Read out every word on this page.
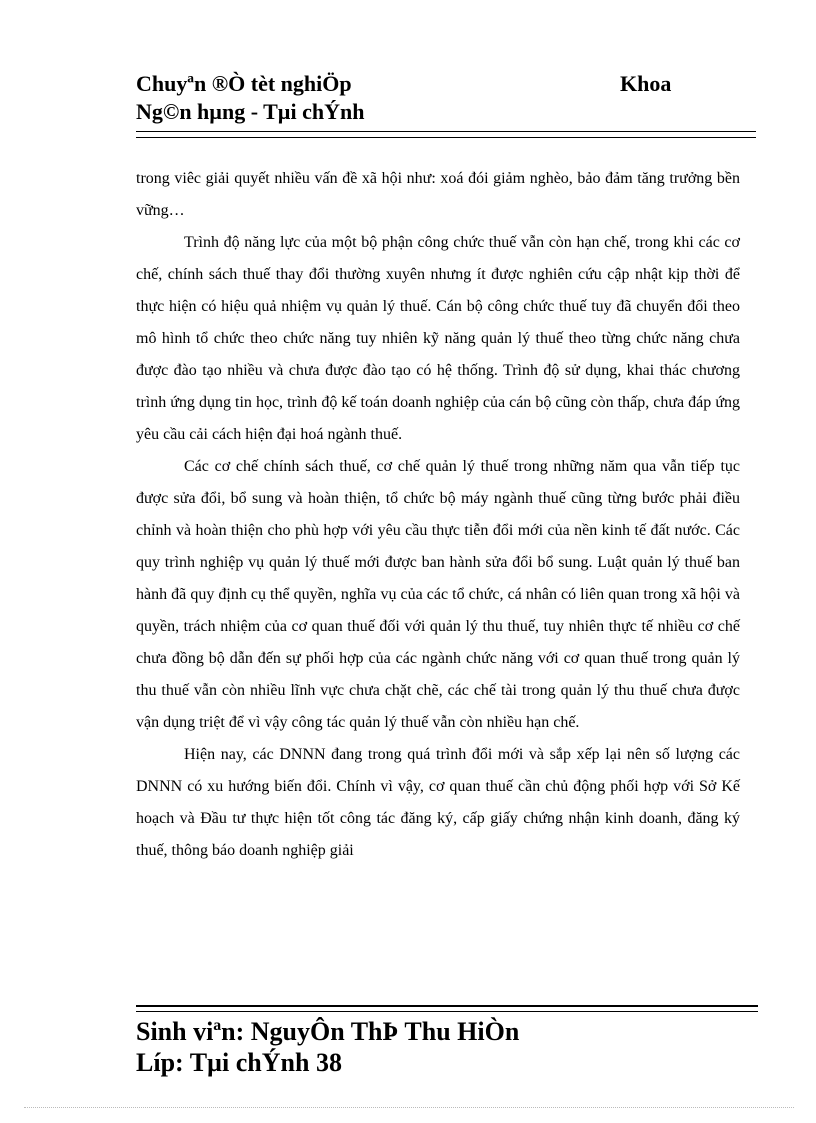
Chuyªn ®Ò tèt nghiÖp	Khoa
Ng©n hµng - Tµi chÝnh

trong viêc giải quyết nhiều vấn đề xã hội như: xoá đói giảm nghèo, bảo đảm tăng trưởng bền vững…

Trình độ năng lực của một bộ phận công chức thuế vẫn còn hạn chế, trong khi các cơ chế, chính sách thuế thay đổi thường xuyên nhưng ít được nghiên cứu cập nhật kịp thời để thực hiện có hiệu quả nhiệm vụ quản lý thuế. Cán bộ công chức thuế tuy đã chuyển đổi theo mô hình tổ chức theo chức năng tuy nhiên kỹ năng quản lý thuế theo từng chức năng chưa được đào tạo nhiều và chưa được đào tạo có hệ thống. Trình độ sử dụng, khai thác chương trình ứng dụng tin học, trình độ kế toán doanh nghiệp của cán bộ cũng còn thấp, chưa đáp ứng yêu cầu cải cách hiện đại hoá ngành thuế.

Các cơ chế chính sách thuế, cơ chế quản lý thuế trong những năm qua vẫn tiếp tục được sửa đổi, bổ sung và hoàn thiện, tổ chức bộ máy ngành thuế cũng từng bước phải điều chỉnh và hoàn thiện cho phù hợp với yêu cầu thực tiễn đổi mới của nền kinh tế đất nước. Các quy trình nghiệp vụ quản lý thuế mới được ban hành sửa đổi bổ sung. Luật quản lý thuế ban hành đã quy định cụ thể quyền, nghĩa vụ của các tổ chức, cá nhân có liên quan trong xã hội và quyền, trách nhiệm của cơ quan thuế đối với quản lý thu thuế, tuy nhiên thực tế nhiều cơ chế chưa đồng bộ dẫn đến sự phối hợp của các ngành chức năng với cơ quan thuế trong quản lý thu thuế vẫn còn nhiều lĩnh vực chưa chặt chẽ, các chế tài trong quản lý thu thuế chưa được vận dụng triệt để vì vậy công tác quản lý thuế vẫn còn nhiều hạn chế.

Hiện nay, các DNNN đang trong quá trình đổi mới và sắp xếp lại nên số lượng các DNNN có xu hướng biến đổi. Chính vì vậy, cơ quan thuế cần chủ động phối hợp với Sở Kế hoạch và Đầu tư thực hiện tốt công tác đăng ký, cấp giấy chứng nhận kinh doanh, đăng ký thuế, thông báo doanh nghiệp giải

Sinh viªn: NguyÔn ThÞ Thu HiÒn
Líp: Tµi chÝnh 38
